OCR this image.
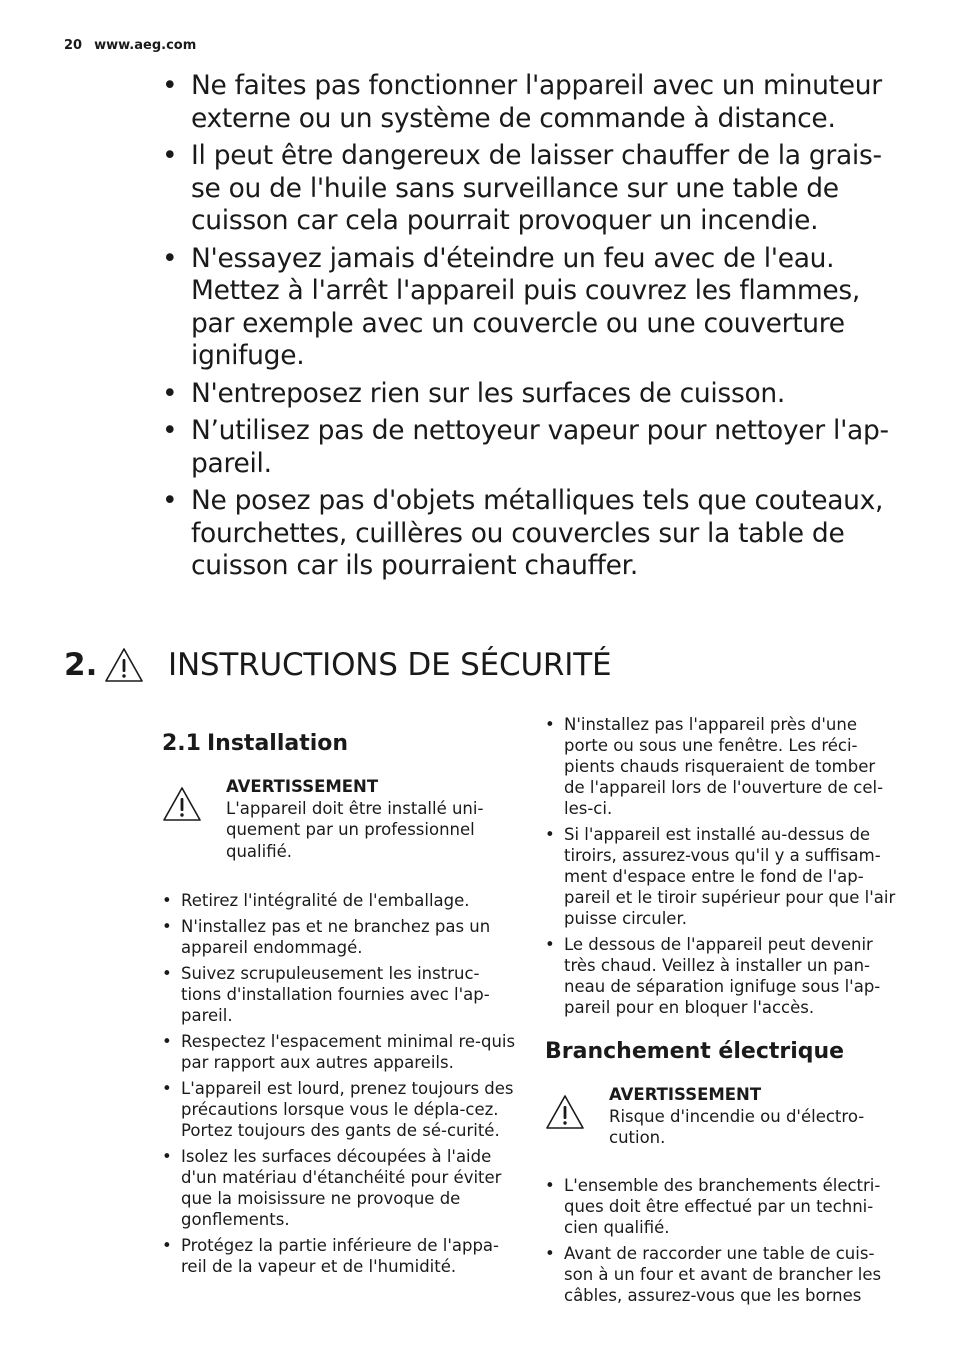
20 www.aeg.com
• Ne faites pas fonctionner l'appareil avec un minuteur externe ou un système de commande à distance.
• Il peut être dangereux de laisser chauffer de la grais-se ou de l'huile sans surveillance sur une table de cuisson car cela pourrait provoquer un incendie.
• N'essayez jamais d'éteindre un feu avec de l'eau. Mettez à l'arrêt l'appareil puis couvrez les flammes, par exemple avec un couvercle ou une couverture ignifuge.
• N'entreposez rien sur les surfaces de cuisson.
• N’utilisez pas de nettoyeur vapeur pour nettoyer l'ap-pareil.
• Ne posez pas d'objets métalliques tels que couteaux, fourchettes, cuillères ou couvercles sur la table de cuisson car ils pourraient chauffer.
2. INSTRUCTIONS DE SÉCURITÉ
2.1 Installation
AVERTISSEMENT
L'appareil doit être installé uni-quement par un professionnel qualifié.
• Retirez l'intégralité de l'emballage.
• N'installez pas et ne branchez pas un appareil endommagé.
• Suivez scrupuleusement les instruc-tions d'installation fournies avec l'ap-pareil.
• Respectez l'espacement minimal re-quis par rapport aux autres appareils.
• L'appareil est lourd, prenez toujours des précautions lorsque vous le dépla-cez. Portez toujours des gants de sé-curité.
• Isolez les surfaces découpées à l'aide d'un matériau d'étanchéité pour éviter que la moisissure ne provoque de gonflements.
• Protégez la partie inférieure de l'appa-reil de la vapeur et de l'humidité.
• N'installez pas l'appareil près d'une porte ou sous une fenêtre. Les réci-pients chauds risqueraient de tomber de l'appareil lors de l'ouverture de cel-les-ci.
• Si l'appareil est installé au-dessus de tiroirs, assurez-vous qu'il y a suffisam-ment d'espace entre le fond de l'ap-pareil et le tiroir supérieur pour que l'air puisse circuler.
• Le dessous de l'appareil peut devenir très chaud. Veillez à installer un pan-neau de séparation ignifuge sous l'ap-pareil pour en bloquer l'accès.
Branchement électrique
AVERTISSEMENT
Risque d'incendie ou d'électro-cution.
• L'ensemble des branchements électri-ques doit être effectué par un techni-cien qualifié.
• Avant de raccorder une table de cuis-son à un four et avant de brancher les câbles, assurez-vous que les bornes
